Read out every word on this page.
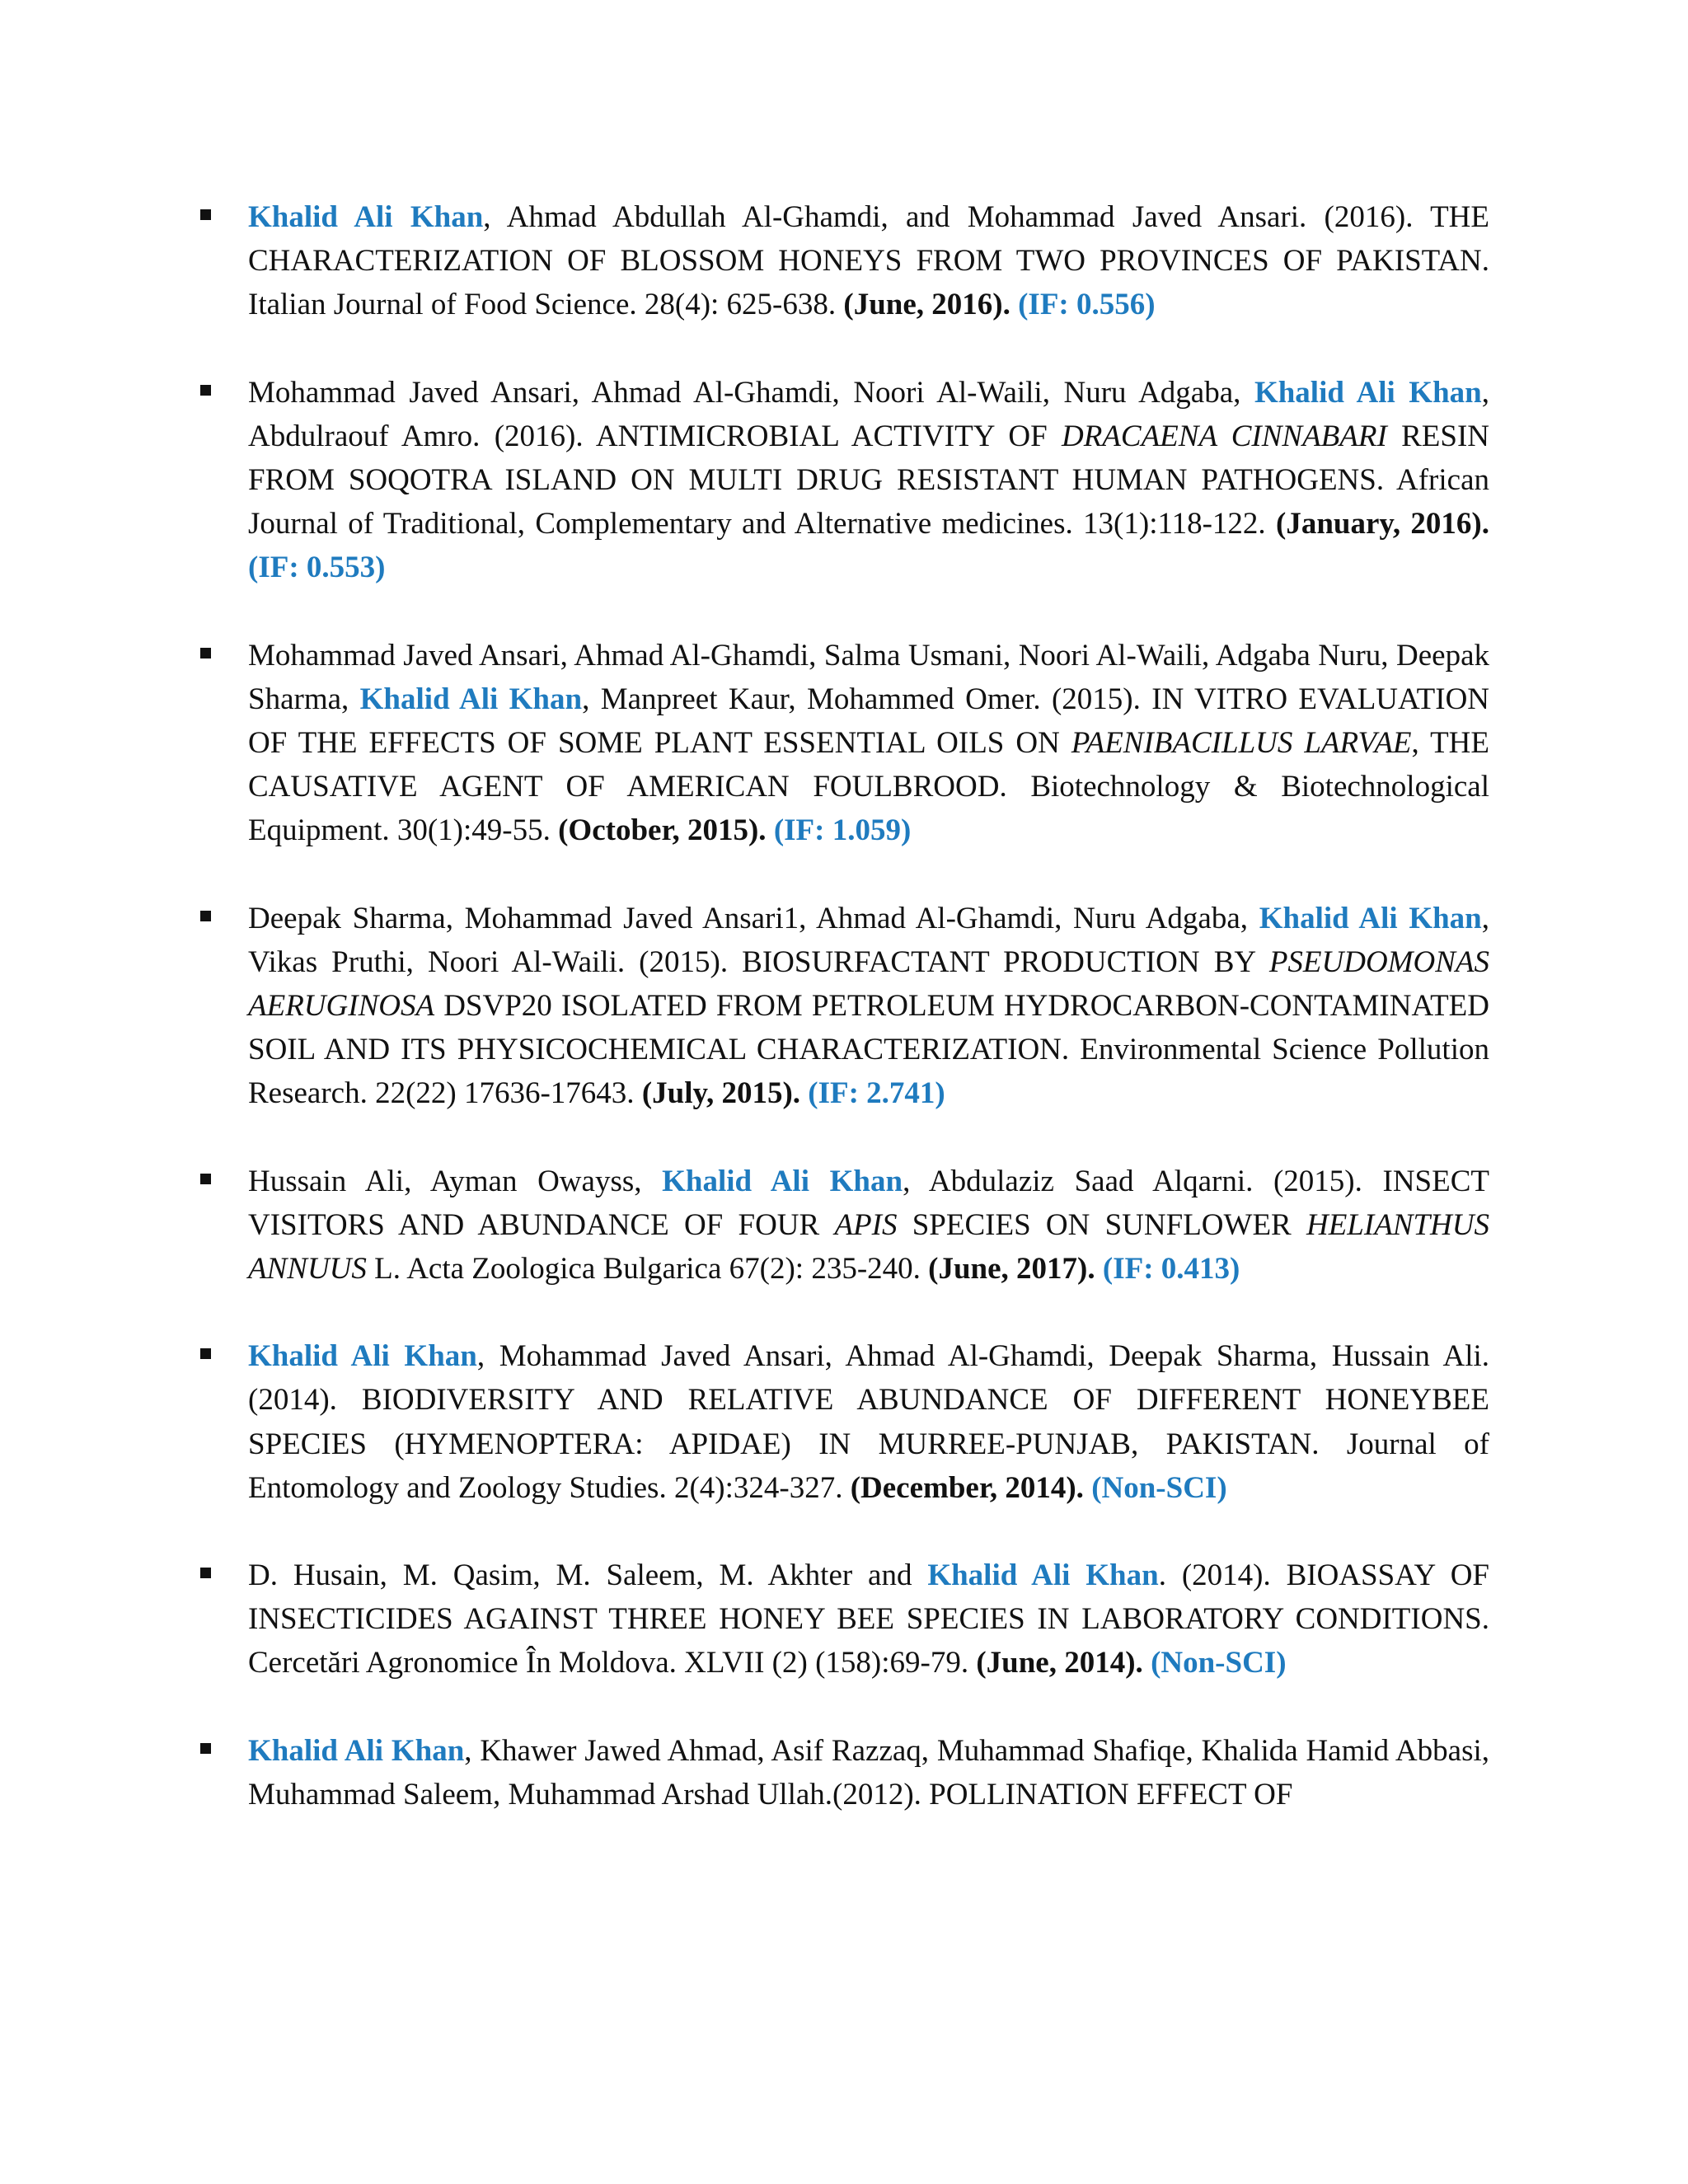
Khalid Ali Khan, Ahmad Abdullah Al-Ghamdi, and Mohammad Javed Ansari. (2016). THE CHARACTERIZATION OF BLOSSOM HONEYS FROM TWO PROVINCES OF PAKISTAN. Italian Journal of Food Science. 28(4): 625-638. (June, 2016). (IF: 0.556)
Mohammad Javed Ansari, Ahmad Al-Ghamdi, Noori Al-Waili, Nuru Adgaba, Khalid Ali Khan, Abdulraouf Amro. (2016). ANTIMICROBIAL ACTIVITY OF DRACAENA CINNABARI RESIN FROM SOQOTRA ISLAND ON MULTI DRUG RESISTANT HUMAN PATHOGENS. African Journal of Traditional, Complementary and Alternative medicines. 13(1):118-122. (January, 2016). (IF: 0.553)
Mohammad Javed Ansari, Ahmad Al-Ghamdi, Salma Usmani, Noori Al-Waili, Adgaba Nuru, Deepak Sharma, Khalid Ali Khan, Manpreet Kaur, Mohammed Omer. (2015). IN VITRO EVALUATION OF THE EFFECTS OF SOME PLANT ESSENTIAL OILS ON PAENIBACILLUS LARVAE, THE CAUSATIVE AGENT OF AMERICAN FOULBROOD. Biotechnology & Biotechnological Equipment. 30(1):49-55. (October, 2015). (IF: 1.059)
Deepak Sharma, Mohammad Javed Ansari1, Ahmad Al-Ghamdi, Nuru Adgaba, Khalid Ali Khan, Vikas Pruthi, Noori Al-Waili. (2015). BIOSURFACTANT PRODUCTION BY PSEUDOMONAS AERUGINOSA DSVP20 ISOLATED FROM PETROLEUM HYDROCARBON-CONTAMINATED SOIL AND ITS PHYSICOCHEMICAL CHARACTERIZATION. Environmental Science Pollution Research. 22(22) 17636-17643. (July, 2015). (IF: 2.741)
Hussain Ali, Ayman Owayss, Khalid Ali Khan, Abdulaziz Saad Alqarni. (2015). INSECT VISITORS AND ABUNDANCE OF FOUR APIS SPECIES ON SUNFLOWER HELIANTHUS ANNUUS L. Acta Zoologica Bulgarica 67(2): 235-240. (June, 2017). (IF: 0.413)
Khalid Ali Khan, Mohammad Javed Ansari, Ahmad Al-Ghamdi, Deepak Sharma, Hussain Ali. (2014). BIODIVERSITY AND RELATIVE ABUNDANCE OF DIFFERENT HONEYBEE SPECIES (HYMENOPTERA: APIDAE) IN MURREE-PUNJAB, PAKISTAN. Journal of Entomology and Zoology Studies. 2(4):324-327. (December, 2014). (Non-SCI)
D. Husain, M. Qasim, M. Saleem, M. Akhter and Khalid Ali Khan. (2014). BIOASSAY OF INSECTICIDES AGAINST THREE HONEY BEE SPECIES IN LABORATORY CONDITIONS. Cercetări Agronomice În Moldova. XLVII (2) (158):69-79. (June, 2014). (Non-SCI)
Khalid Ali Khan, Khawer Jawed Ahmad, Asif Razzaq, Muhammad Shafiqe, Khalida Hamid Abbasi, Muhammad Saleem, Muhammad Arshad Ullah.(2012). POLLINATION EFFECT OF
